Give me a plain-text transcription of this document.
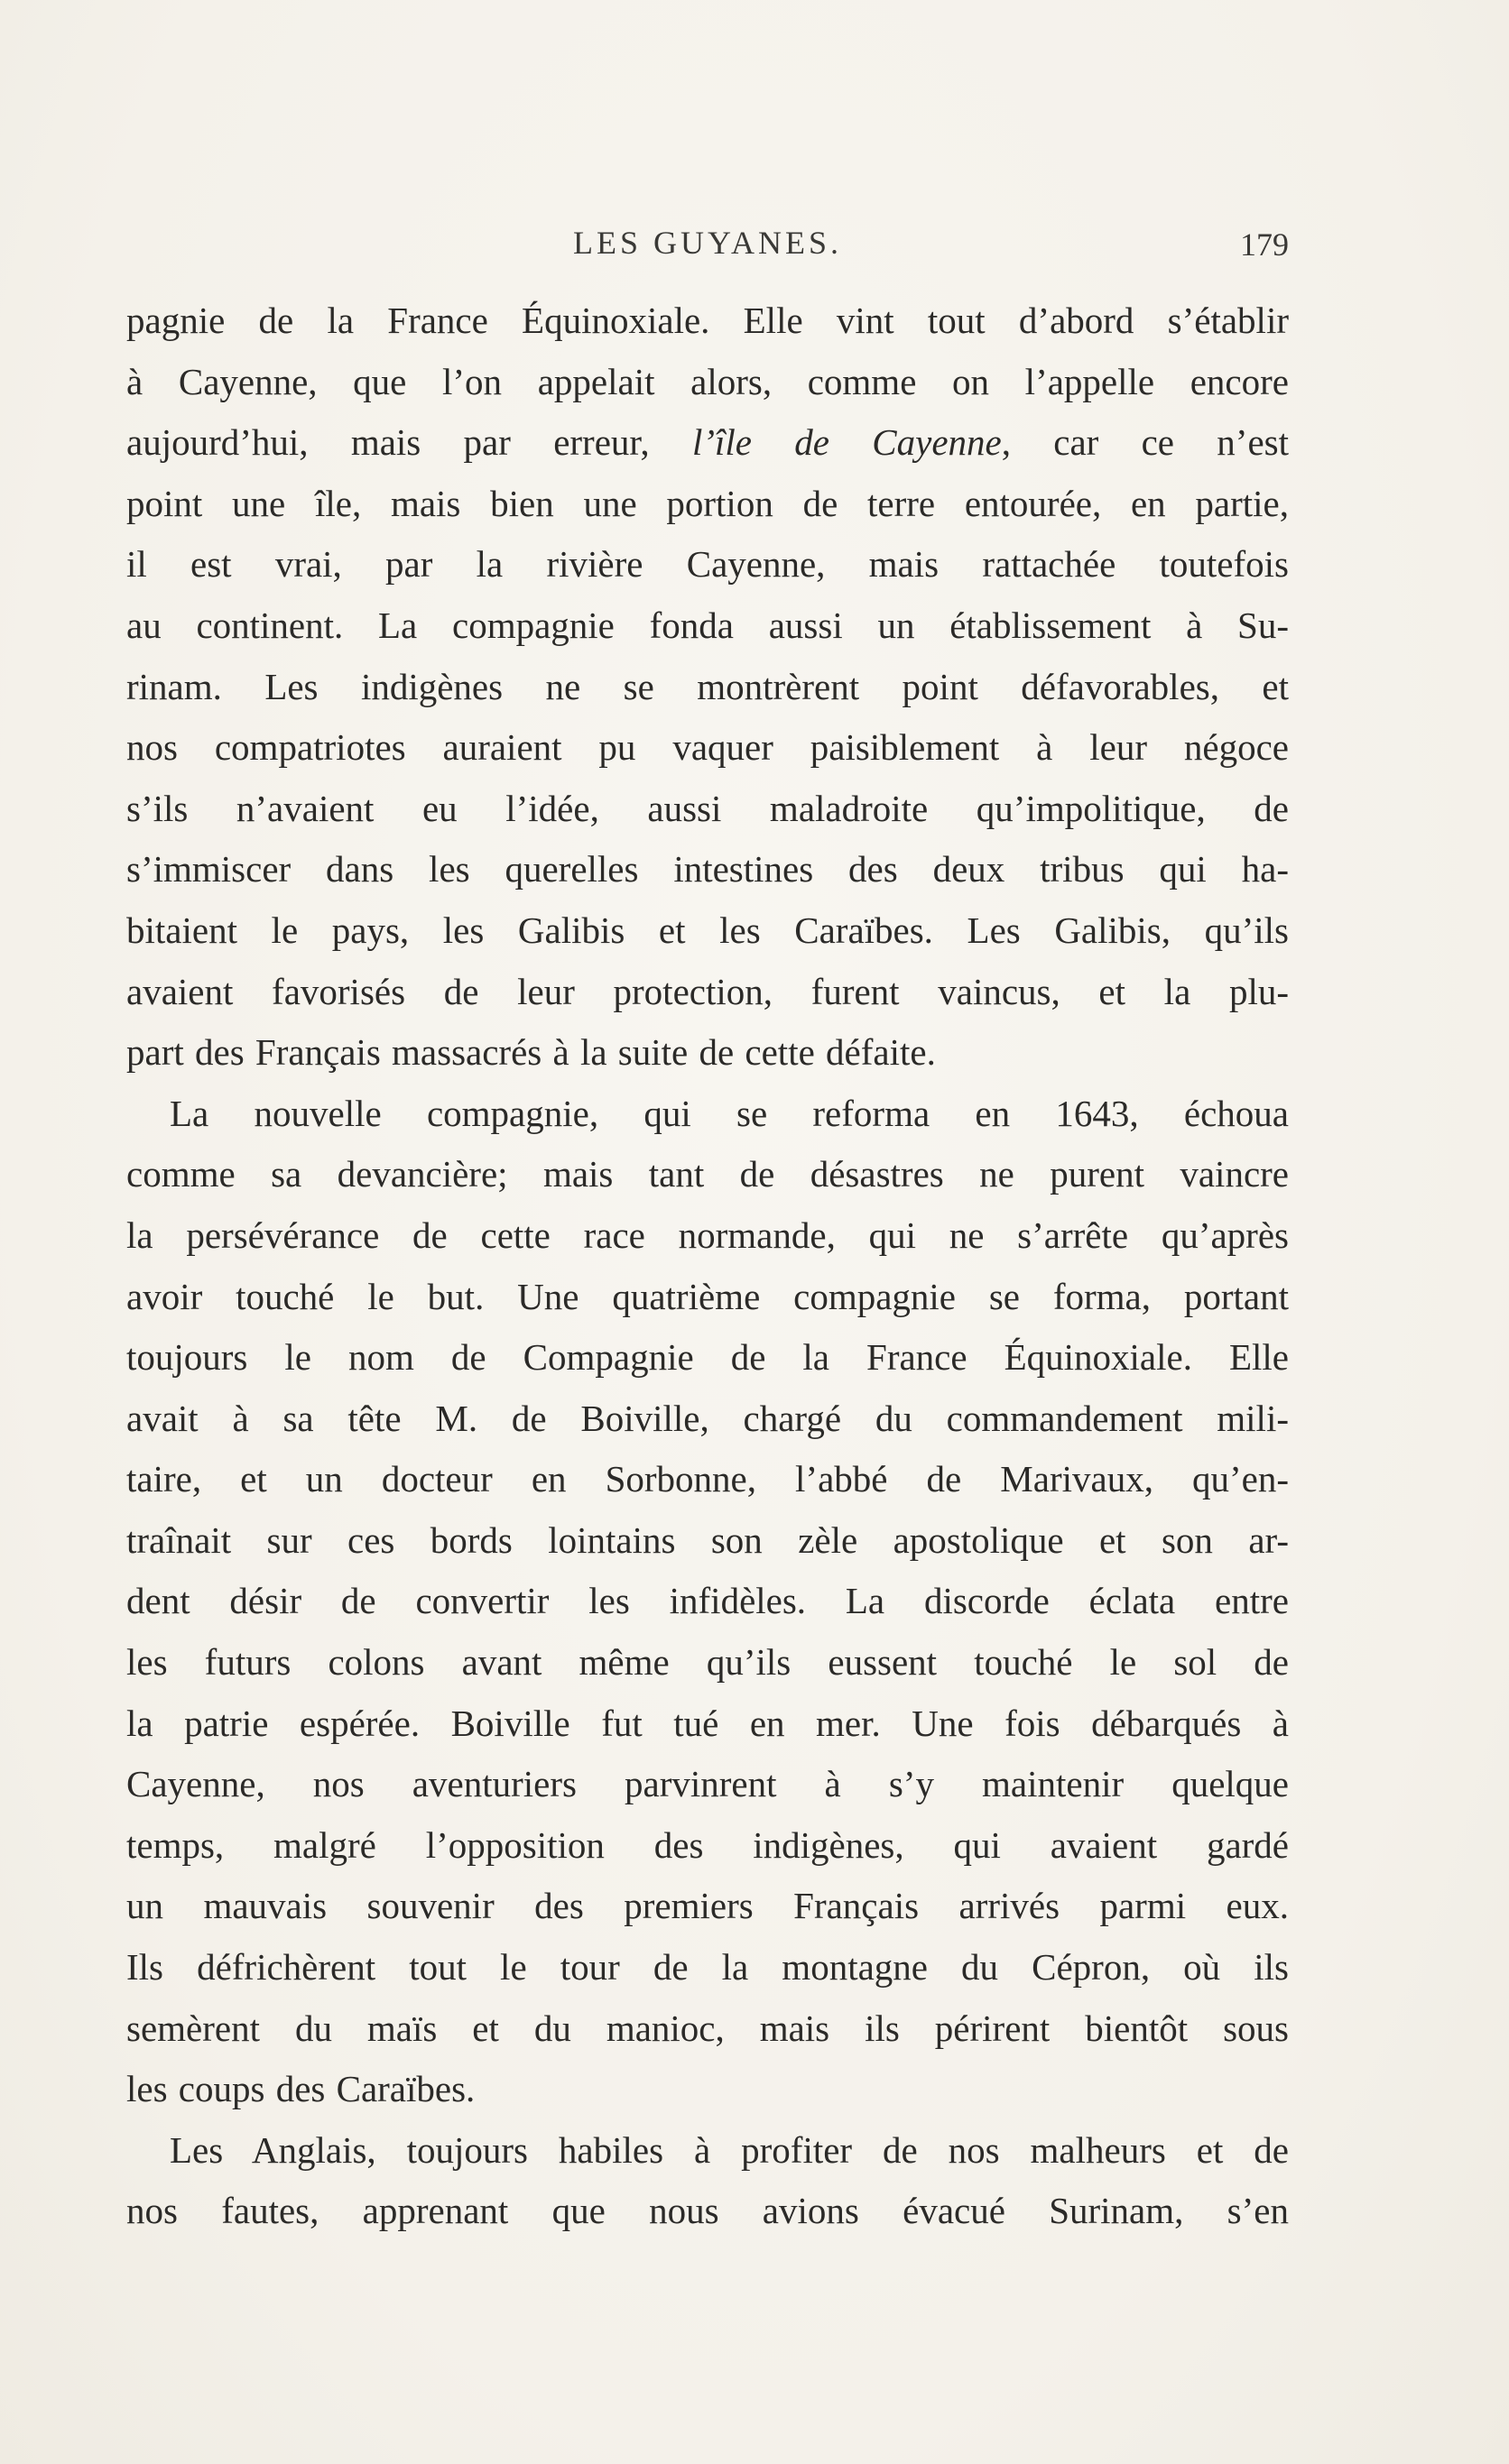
LES GUYANES.	179
pagnie de la France Équinoxiale. Elle vint tout d’abord s’établir
à Cayenne, que l’on appelait alors, comme on l’appelle encore
aujourd’hui, mais par erreur, l’île de Cayenne, car ce n’est
point une île, mais bien une portion de terre entourée, en partie,
il est vrai, par la rivière Cayenne, mais rattachée toutefois
au continent. La compagnie fonda aussi un établissement à Su-
rinam. Les indigènes ne se montrèrent point défavorables, et
nos compatriotes auraient pu vaquer paisiblement à leur négoce
s’ils n’avaient eu l’idée, aussi maladroite qu’impolitique, de
s’immiscer dans les querelles intestines des deux tribus qui ha-
bitaient le pays, les Galibis et les Caraïbes. Les Galibis, qu’ils
avaient favorisés de leur protection, furent vaincus, et la plu-
part des Français massacrés à la suite de cette défaite.
La nouvelle compagnie, qui se reforma en 1643, échoua
comme sa devancière; mais tant de désastres ne purent vaincre
la persévérance de cette race normande, qui ne s’arrête qu’après
avoir touché le but. Une quatrième compagnie se forma, portant
toujours le nom de Compagnie de la France Équinoxiale. Elle
avait à sa tête M. de Boiville, chargé du commandement mili-
taire, et un docteur en Sorbonne, l’abbé de Marivaux, qu’en-
traînait sur ces bords lointains son zèle apostolique et son ar-
dent désir de convertir les infidèles. La discorde éclata entre
les futurs colons avant même qu’ils eussent touché le sol de
la patrie espérée. Boiville fut tué en mer. Une fois débarqués à
Cayenne, nos aventuriers parvinrent à s’y maintenir quelque
temps, malgré l’opposition des indigènes, qui avaient gardé
un mauvais souvenir des premiers Français arrivés parmi eux.
Ils défrichèrent tout le tour de la montagne du Cépron, où ils
semèrent du maïs et du manioc, mais ils périrent bientôt sous
les coups des Caraïbes.
Les Anglais, toujours habiles à profiter de nos malheurs et de
nos fautes, apprenant que nous avions évacué Surinam, s’en
